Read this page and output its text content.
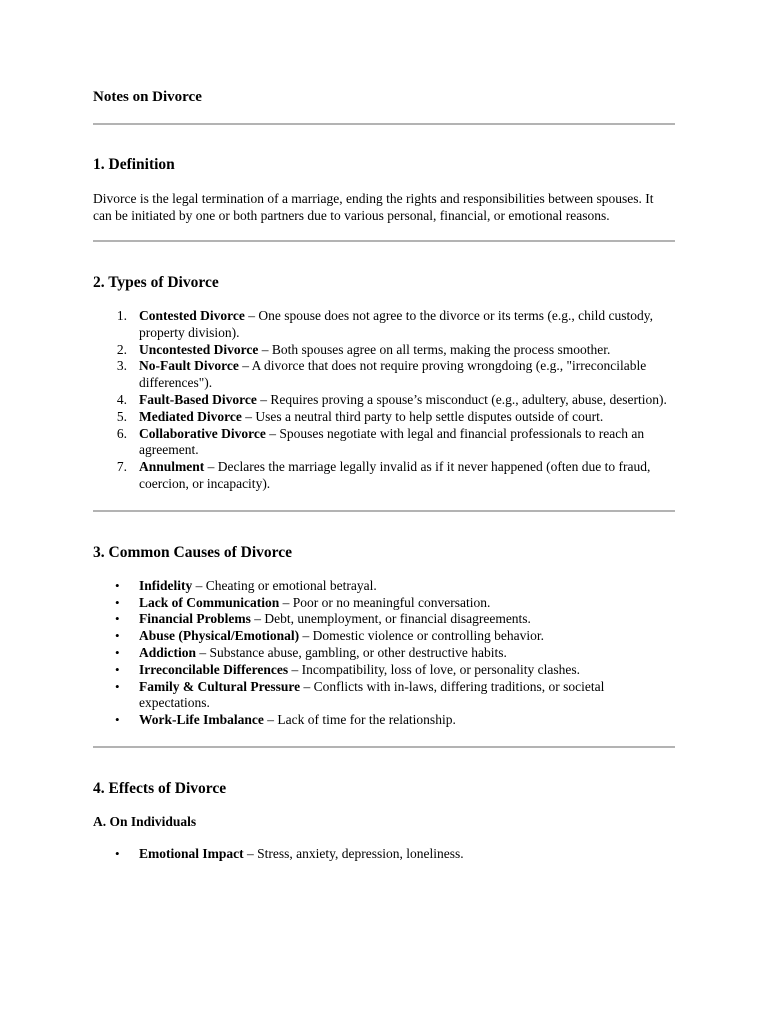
Notes on Divorce
1. Definition

Divorce is the legal termination of a marriage, ending the rights and responsibilities between spouses. It can be initiated by one or both partners due to various personal, financial, or emotional reasons.

2. Types of Divorce
1. Contested Divorce – One spouse does not agree to the divorce or its terms (e.g., child custody, property division).
2. Uncontested Divorce – Both spouses agree on all terms, making the process smoother.
3. No-Fault Divorce – A divorce that does not require proving wrongdoing (e.g., "irreconcilable differences").
4. Fault-Based Divorce – Requires proving a spouse’s misconduct (e.g., adultery, abuse, desertion).
5. Mediated Divorce – Uses a neutral third party to help settle disputes outside of court.
6. Collaborative Divorce – Spouses negotiate with legal and financial professionals to reach an agreement.
7. Annulment – Declares the marriage legally invalid as if it never happened (often due to fraud, coercion, or incapacity).
3. Common Causes of Divorce
• Infidelity – Cheating or emotional betrayal.
• Lack of Communication – Poor or no meaningful conversation.
• Financial Problems – Debt, unemployment, or financial disagreements.
• Abuse (Physical/Emotional) – Domestic violence or controlling behavior.
• Addiction – Substance abuse, gambling, or other destructive habits.
• Irreconcilable Differences – Incompatibility, loss of love, or personality clashes.
• Family & Cultural Pressure – Conflicts with in-laws, differing traditions, or societal expectations.
• Work-Life Imbalance – Lack of time for the relationship.
4. Effects of Divorce
A. On Individuals
• Emotional Impact – Stress, anxiety, depression, loneliness.
